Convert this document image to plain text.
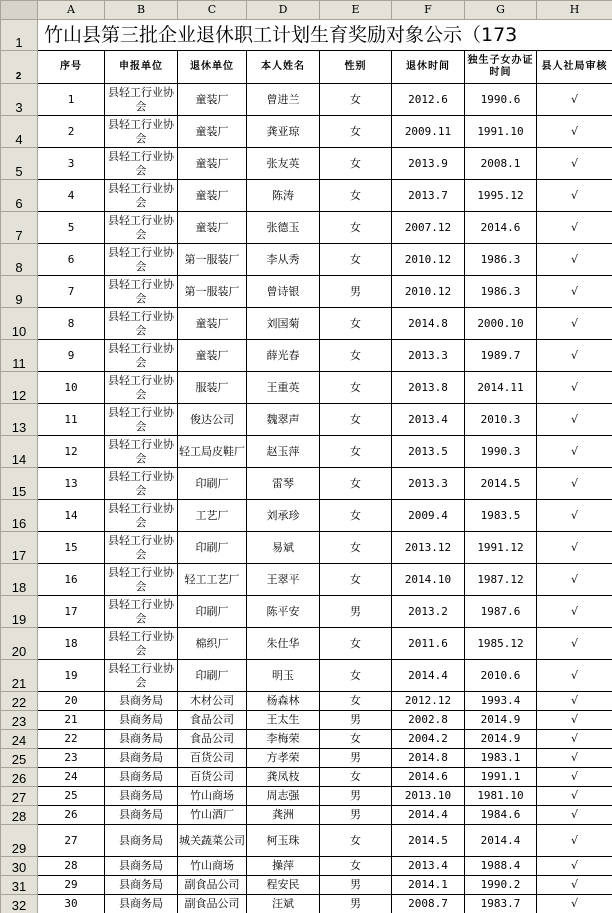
	A	B	C	D	E	F	G	H
1	竹山县第三批企业退休职工计划生育奖励对象公示（173							
2	序号	申报单位	退休单位	本人姓名	性别	退休时间	独生子女办证时间	县人社局审核
3	1	县轻工行业协会	童装厂	曾进兰	女	2012.6	1990.6	√
4	2	县轻工行业协会	童装厂	龚亚琼	女	2009.11	1991.10	√
5	3	县轻工行业协会	童装厂	张友英	女	2013.9	2008.1	√
6	4	县轻工行业协会	童装厂	陈涛	女	2013.7	1995.12	√
7	5	县轻工行业协会	童装厂	张德玉	女	2007.12	2014.6	√
8	6	县轻工行业协会	第一服装厂	李从秀	女	2010.12	1986.3	√
9	7	县轻工行业协会	第一服装厂	曾诗银	男	2010.12	1986.3	√
10	8	县轻工行业协会	童装厂	刘国菊	女	2014.8	2000.10	√
11	9	县轻工行业协会	童装厂	薛光春	女	2013.3	1989.7	√
12	10	县轻工行业协会	服装厂	王重英	女	2013.8	2014.11	√
13	11	县轻工行业协会	俊达公司	魏翠声	女	2013.4	2010.3	√
14	12	县轻工行业协会	轻工局皮鞋厂	赵玉萍	女	2013.5	1990.3	√
15	13	县轻工行业协会	印刷厂	雷琴	女	2013.3	2014.5	√
16	14	县轻工行业协会	工艺厂	刘承珍	女	2009.4	1983.5	√
17	15	县轻工行业协会	印刷厂	易斌	女	2013.12	1991.12	√
18	16	县轻工行业协会	轻工工艺厂	王翠平	女	2014.10	1987.12	√
19	17	县轻工行业协会	印刷厂	陈平安	男	2013.2	1987.6	√
20	18	县轻工行业协会	棉织厂	朱仕华	女	2011.6	1985.12	√
21	19	县轻工行业协会	印刷厂	明玉	女	2014.4	2010.6	√
22	20	县商务局	木材公司	杨森林	女	2012.12	1993.4	√
23	21	县商务局	食品公司	王太生	男	2002.8	2014.9	√
24	22	县商务局	食品公司	李梅荣	女	2004.2	2014.9	√
25	23	县商务局	百货公司	方孝荣	男	2014.8	1983.1	√
26	24	县商务局	百货公司	龚凤枝	女	2014.6	1991.1	√
27	25	县商务局	竹山商场	周志强	男	2013.10	1981.10	√
28	26	县商务局	竹山酒厂	龚洲	男	2014.4	1984.6	√
29	27	县商务局	城关蔬菜公司	柯玉珠	女	2014.5	2014.4	√
30	28	县商务局	竹山商场	操萍	女	2013.4	1988.4	√
31	29	县商务局	副食品公司	程安民	男	2014.1	1990.2	√
32	30	县商务局	副食品公司	汪斌	男	2008.7	1983.7	√
